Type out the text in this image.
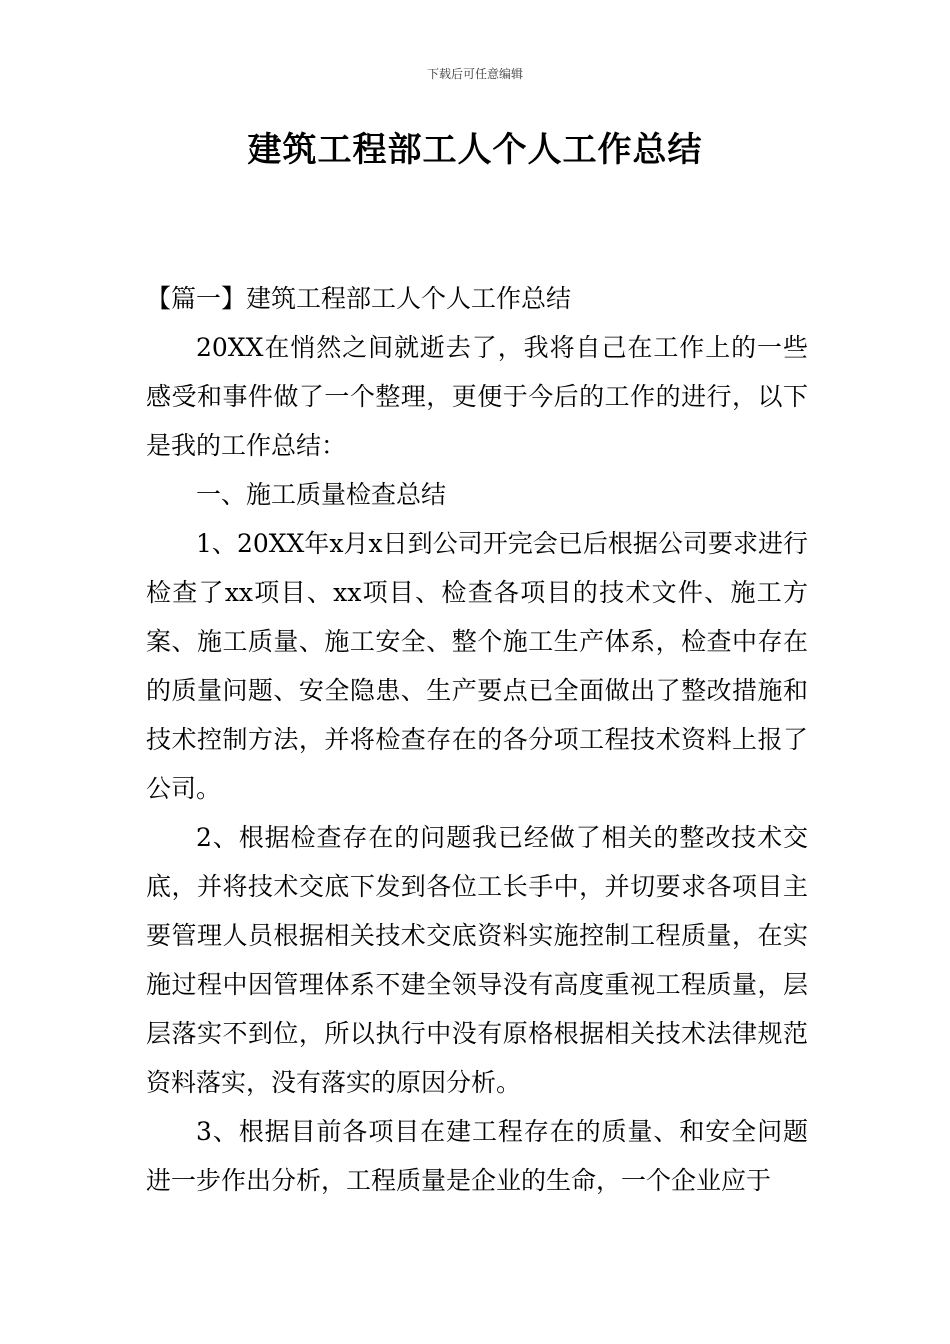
下载后可任意编辑
建筑工程部工人个人工作总结

【篇一】建筑工程部工人个人工作总结

20XX在悄然之间就逝去了，我将自己在工作上的一些感受和事件做了一个整理，更便于今后的工作的进行，以下是我的工作总结：

一、施工质量检查总结

1、20XX年x月x日到公司开完会已后根据公司要求进行检查了xx项目、xx项目、检查各项目的技术文件、施工方案、施工质量、施工安全、整个施工生产体系，检查中存在的质量问题、安全隐患、生产要点已全面做出了整改措施和技术控制方法，并将检查存在的各分项工程技术资料上报了公司。

2、根据检查存在的问题我已经做了相关的整改技术交底，并将技术交底下发到各位工长手中，并切要求各项目主要管理人员根据相关技术交底资料实施控制工程质量，在实施过程中因管理体系不建全领导没有高度重视工程质量，层层落实不到位，所以执行中没有原格根据相关技术法律规范资料落实，没有落实的原因分析。

3、根据目前各项目在建工程存在的质量、和安全问题进一步作出分析，工程质量是企业的生命，一个企业应于
